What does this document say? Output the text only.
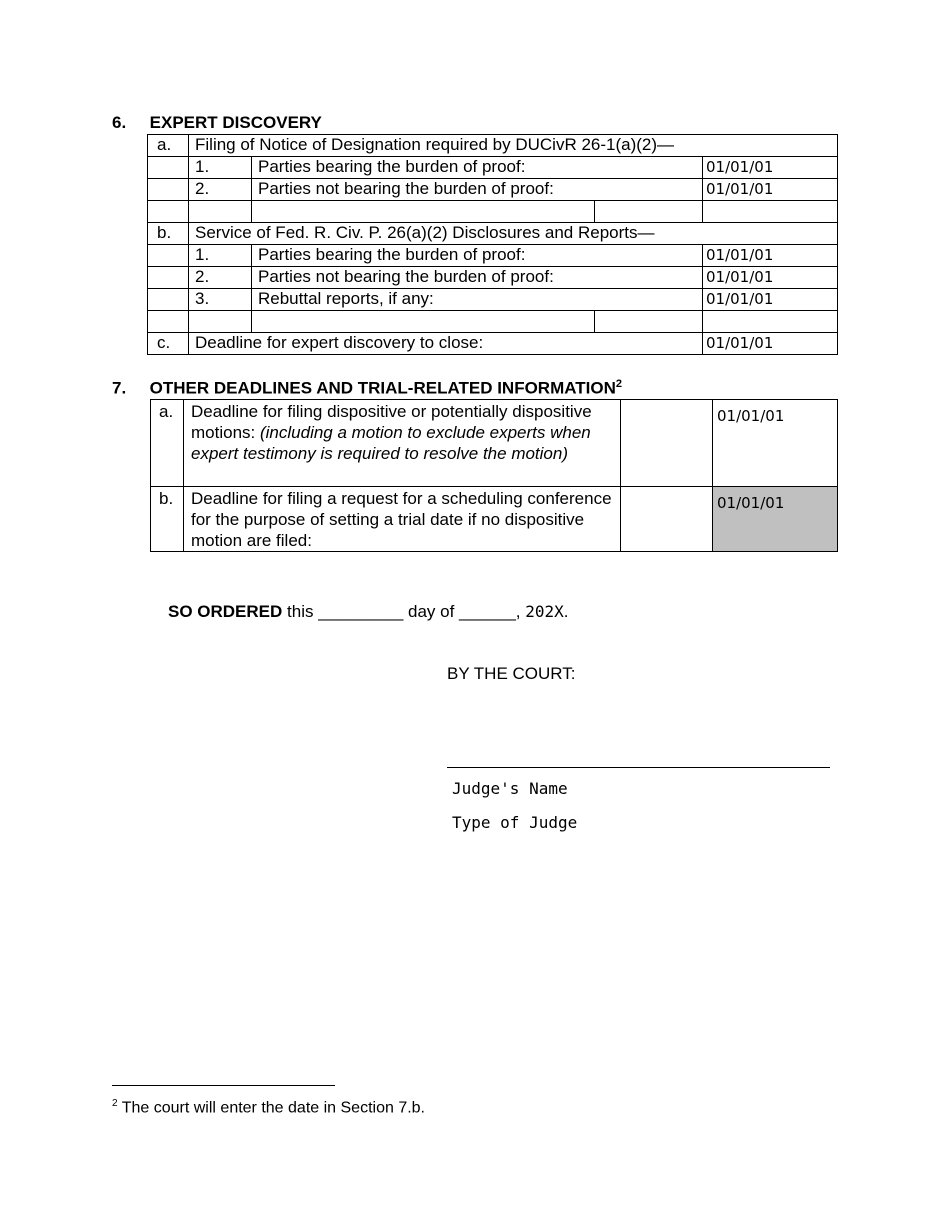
6. EXPERT DISCOVERY
a.	Filing of Notice of Designation required by DUCivR 26-1(a)(2)—			
	1.	Parties bearing the burden of proof:		01/01/01
	2.	Parties not bearing the burden of proof:		01/01/01

b.	Service of Fed. R. Civ. P. 26(a)(2) Disclosures and Reports—			
	1.	Parties bearing the burden of proof:		01/01/01
	2.	Parties not bearing the burden of proof:		01/01/01
	3.	Rebuttal reports, if any:		01/01/01

c.	Deadline for expert discovery to close:			01/01/01
7. OTHER DEADLINES AND TRIAL-RELATED INFORMATION$^2$
a.	Deadline for filing dispositive or potentially dispositive motions: (including a motion to exclude experts when expert testimony is required to resolve the motion)		01/01/01
b.	Deadline for filing a request for a scheduling conference for the purpose of setting a trial date if no dispositive motion are filed:		01/01/01
SO ORDERED this _________ day of ______, 202X.
BY THE COURT:
Judge's Name
Type of Judge
$^2$ The court will enter the date in Section 7.b.
